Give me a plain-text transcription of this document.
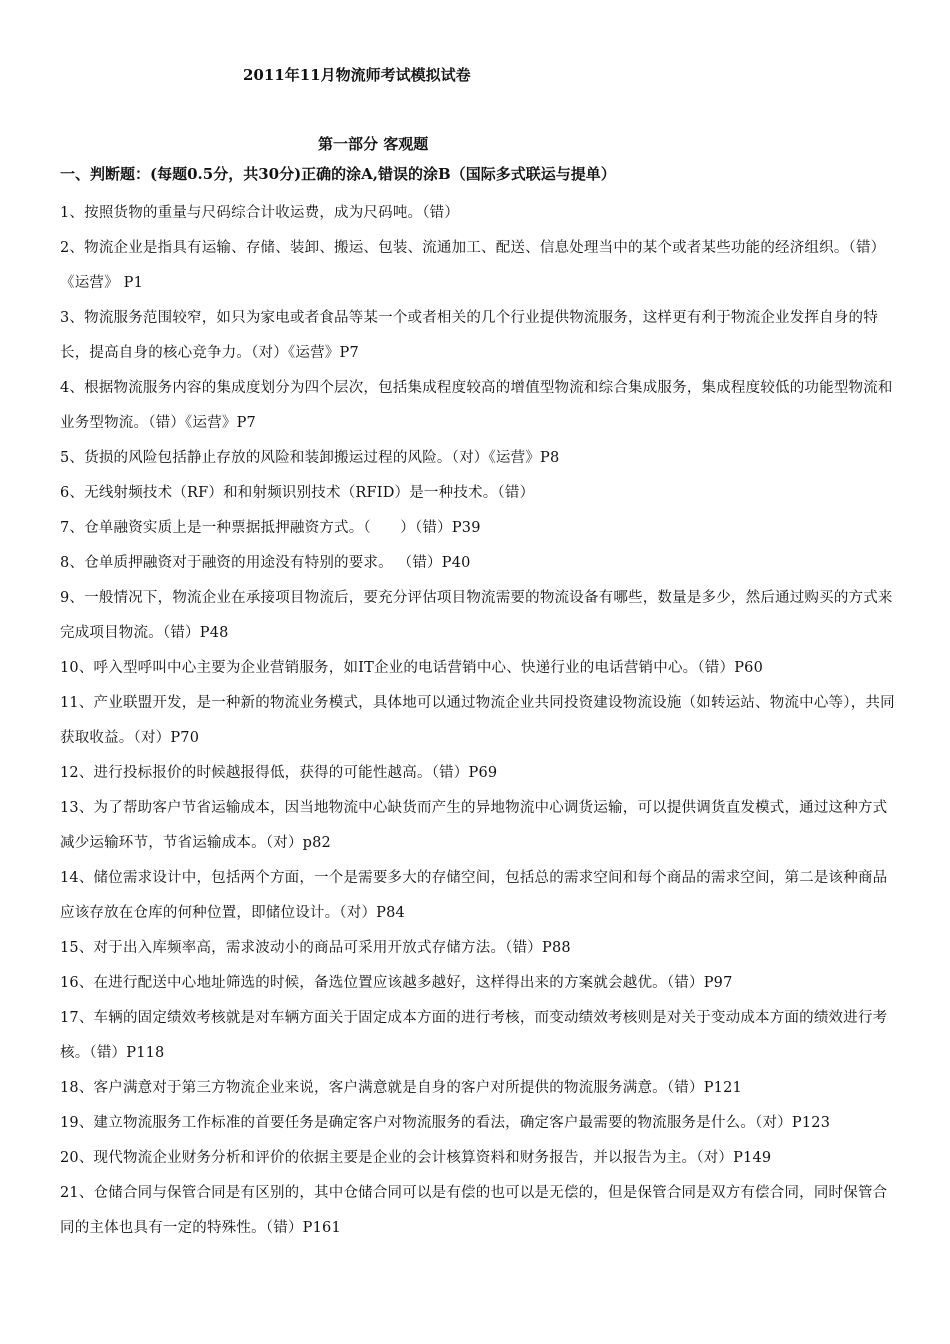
2011年11月物流师考试模拟试卷
第一部分 客观题
一、判断题：(每题0.5分，共30分)正确的涂A,错误的涂B（国际多式联运与提单）

1、按照货物的重量与尺码综合计收运费，成为尺码吨。（错）

2、物流企业是指具有运输、存储、装卸、搬运、包装、流通加工、配送、信息处理当中的某个或者某些功能的经济组织。（错）《运营》 P1

3、物流服务范围较窄，如只为家电或者食品等某一个或者相关的几个行业提供物流服务，这样更有利于物流企业发挥自身的特长，提高自身的核心竞争力。（对）《运营》P7

4、根据物流服务内容的集成度划分为四个层次，包括集成程度较高的增值型物流和综合集成服务，集成程度较低的功能型物流和业务型物流。（错）《运营》P7

5、货损的风险包括静止存放的风险和装卸搬运过程的风险。（对）《运营》P8

6、无线射频技术（RF）和和射频识别技术（RFID）是一种技术。（错）

7、仓单融资实质上是一种票据抵押融资方式。（　　）（错）P39

8、仓单质押融资对于融资的用途没有特别的要求。 （错）P40

9、一般情况下，物流企业在承接项目物流后，要充分评估项目物流需要的物流设备有哪些，数量是多少，然后通过购买的方式来完成项目物流。（错）P48

10、呼入型呼叫中心主要为企业营销服务，如IT企业的电话营销中心、快递行业的电话营销中心。（错）P60

11、产业联盟开发，是一种新的物流业务模式，具体地可以通过物流企业共同投资建设物流设施（如转运站、物流中心等），共同获取收益。（对）P70

12、进行投标报价的时候越报得低，获得的可能性越高。（错）P69

13、为了帮助客户节省运输成本，因当地物流中心缺货而产生的异地物流中心调货运输，可以提供调货直发模式，通过这种方式减少运输环节，节省运输成本。（对）p82

14、储位需求设计中，包括两个方面，一个是需要多大的存储空间，包括总的需求空间和每个商品的需求空间，第二是该种商品应该存放在仓库的何种位置，即储位设计。（对）P84

15、对于出入库频率高，需求波动小的商品可采用开放式存储方法。（错）P88

16、在进行配送中心地址筛选的时候，备选位置应该越多越好，这样得出来的方案就会越优。（错）P97

17、车辆的固定绩效考核就是对车辆方面关于固定成本方面的进行考核，而变动绩效考核则是对关于变动成本方面的绩效进行考核。（错）P118

18、客户满意对于第三方物流企业来说，客户满意就是自身的客户对所提供的物流服务满意。（错）P121

19、建立物流服务工作标准的首要任务是确定客户对物流服务的看法，确定客户最需要的物流服务是什么。（对）P123

20、现代物流企业财务分析和评价的依据主要是企业的会计核算资料和财务报告，并以报告为主。（对）P149

21、仓储合同与保管合同是有区别的，其中仓储合同可以是有偿的也可以是无偿的，但是保管合同是双方有偿合同，同时保管合同的主体也具有一定的特殊性。（错）P161
